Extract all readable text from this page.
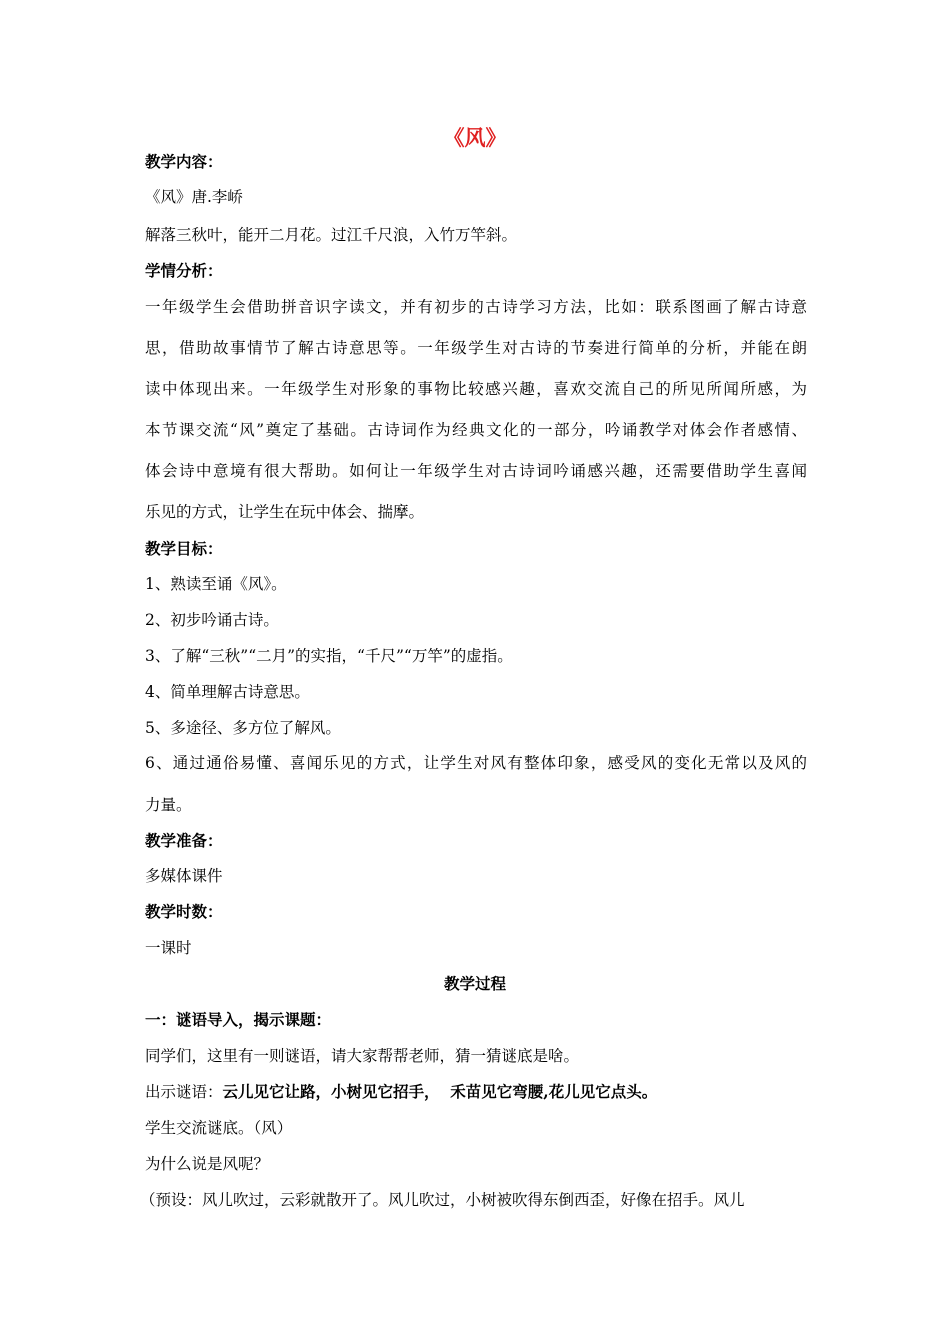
《风》
教学内容：
《风》唐.李峤
解落三秋叶，能开二月花。过江千尺浪，入竹万竿斜。
学情分析：
一年级学生会借助拼音识字读文，并有初步的古诗学习方法，比如：联系图画了解古诗意
思，借助故事情节了解古诗意思等。一年级学生对古诗的节奏进行简单的分析，并能在朗
读中体现出来。一年级学生对形象的事物比较感兴趣，喜欢交流自己的所见所闻所感，为
本节课交流“风”奠定了基础。古诗词作为经典文化的一部分，吟诵教学对体会作者感情、
体会诗中意境有很大帮助。如何让一年级学生对古诗词吟诵感兴趣，还需要借助学生喜闻
乐见的方式，让学生在玩中体会、揣摩。
教学目标：
1、熟读至诵《风》。
2、初步吟诵古诗。
3、了解“三秋”“二月”的实指，“千尺”“万竿”的虚指。
4、简单理解古诗意思。
5、多途径、多方位了解风。
6、通过通俗易懂、喜闻乐见的方式，让学生对风有整体印象，感受风的变化无常以及风的
力量。
教学准备：
多媒体课件
教学时数：
一课时
教学过程
一：谜语导入，揭示课题：
同学们，这里有一则谜语，请大家帮帮老师，猜一猜谜底是啥。
出示谜语：云儿见它让路，小树见它招手，  禾苗见它弯腰,花儿见它点头。
学生交流谜底。（风）
为什么说是风呢？
（预设：风儿吹过，云彩就散开了。风儿吹过，小树被吹得东倒西歪，好像在招手。风儿
